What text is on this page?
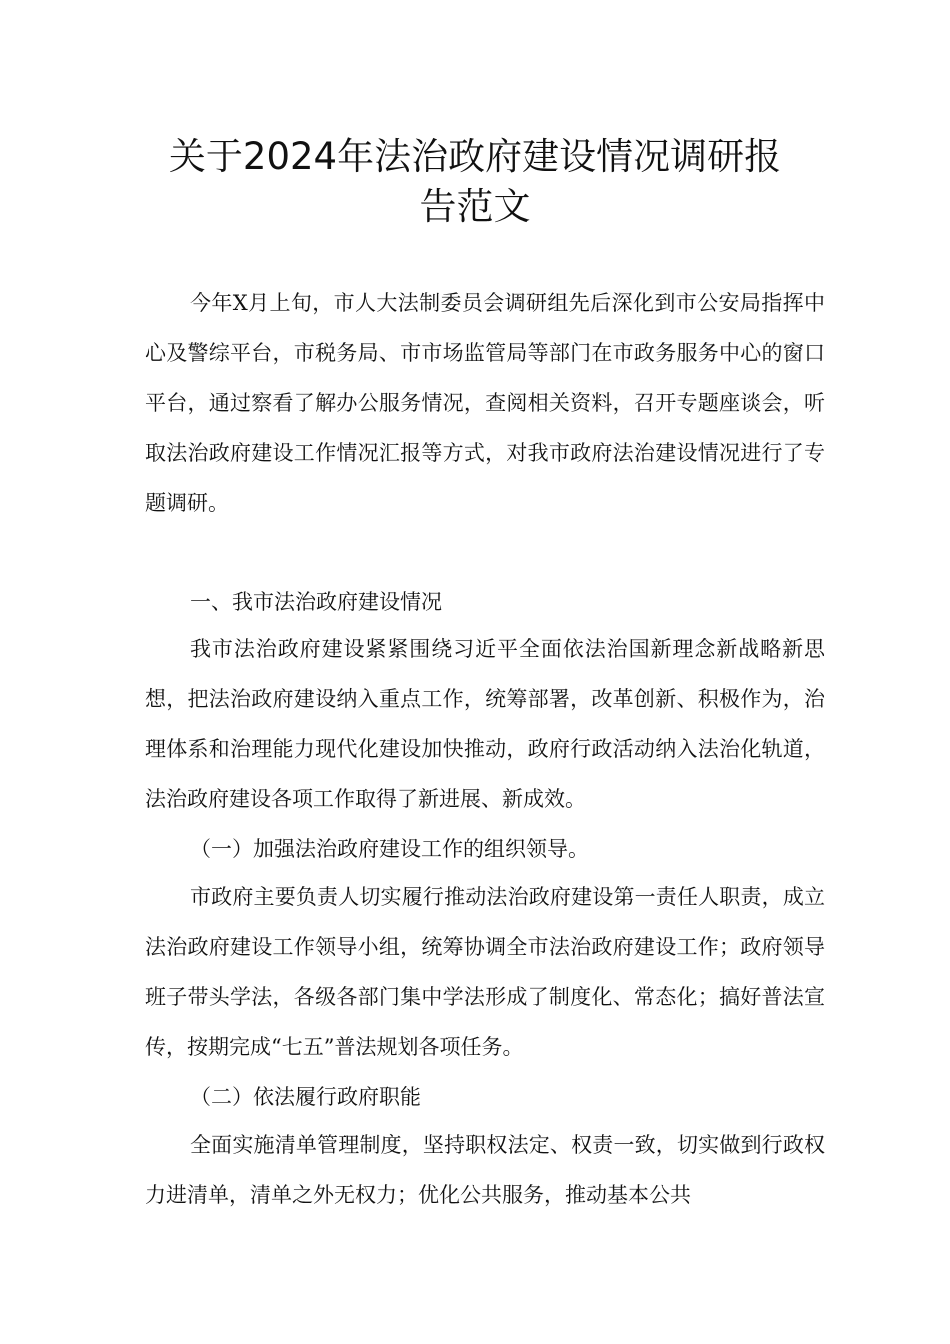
关于2024年法治政府建设情况调研报
告范文

今年X月上旬，市人大法制委员会调研组先后深化到市公安局指挥中心及警综平台，市税务局、市市场监管局等部门在市政务服务中心的窗口平台，通过察看了解办公服务情况，查阅相关资料，召开专题座谈会，听取法治政府建设工作情况汇报等方式，对我市政府法治建设情况进行了专题调研。

一、我市法治政府建设情况

我市法治政府建设紧紧围绕习近平全面依法治国新理念新战略新思想，把法治政府建设纳入重点工作，统筹部署，改革创新、积极作为，治理体系和治理能力现代化建设加快推动，政府行政活动纳入法治化轨道，法治政府建设各项工作取得了新进展、新成效。

（一）加强法治政府建设工作的组织领导。

市政府主要负责人切实履行推动法治政府建设第一责任人职责，成立法治政府建设工作领导小组，统筹协调全市法治政府建设工作；政府领导班子带头学法，各级各部门集中学法形成了制度化、常态化；搞好普法宣传，按期完成“七五”普法规划各项任务。

（二）依法履行政府职能

全面实施清单管理制度，坚持职权法定、权责一致，切实做到行政权力进清单，清单之外无权力；优化公共服务，推动基本公共
